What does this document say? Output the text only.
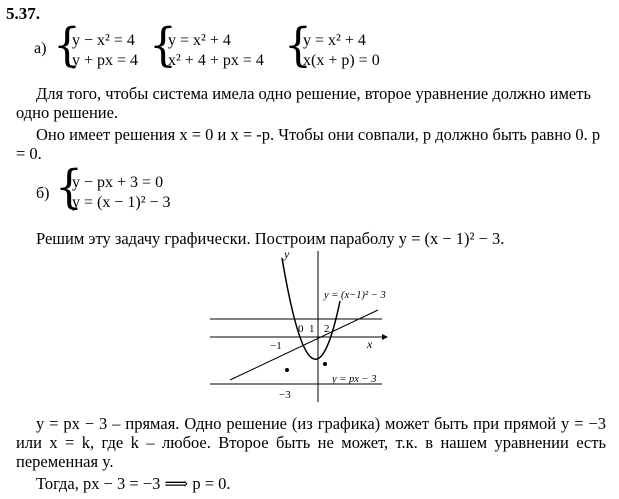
5.37.
а) {
y − x² = 4
y + px = 4 {
y = x² + 4
x² + 4 + px = 4 {
y = x² + 4
x(x + p) = 0
Для того, чтобы система имела одно решение, второе уравнение должно иметь одно решение.
Оно имеет решения x = 0 и x = -p. Чтобы они совпали, p должно быть равно 0. p = 0.
б) {
y − px + 3 = 0
y = (x − 1)² − 3
Решим эту задачу графически. Построим параболу y = (x − 1)² − 3.
y
x
0 1 2
−1
−3
y = (x−1)² − 3
y = px − 3
y = px − 3 – прямая. Одно решение (из графика) может быть при прямой y = −3 или x = k, где k – любое. Второе быть не может, т.к. в нашем уравнении есть переменная y.
Тогда, px − 3 = −3 ⟹ p = 0.
